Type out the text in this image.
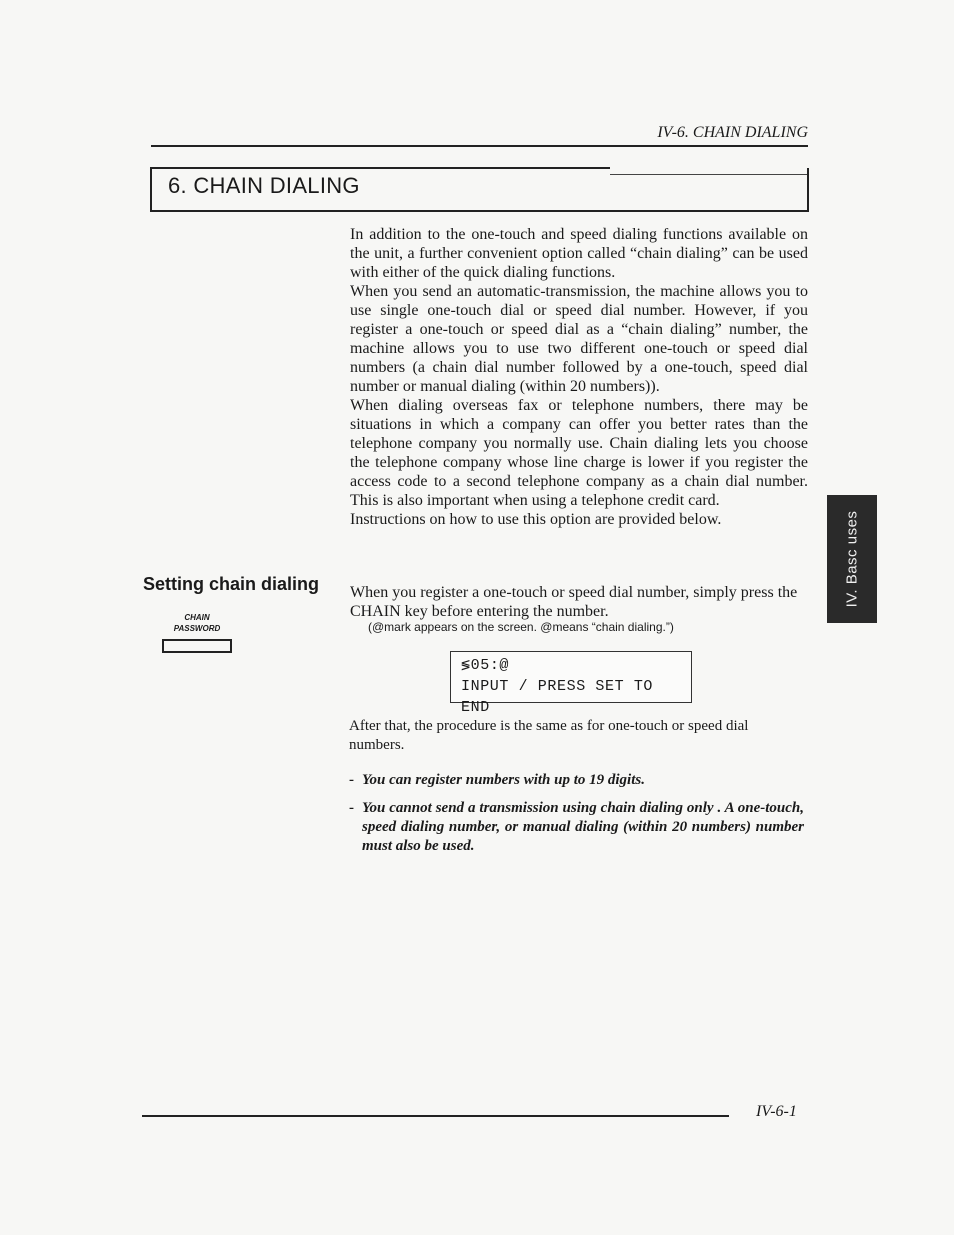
IV-6. CHAIN DIALING
6. CHAIN DIALING

In addition to the one-touch and speed dialing functions available on the unit, a further convenient option called “chain dialing” can be used with either of the quick dialing functions.

When you send an automatic-transmission, the machine allows you to use single one-touch dial or speed dial number. However, if you register a one-touch or speed dial as a “chain dialing” number, the machine allows you to use two different one-touch or speed dial numbers (a chain dial number followed by a one-touch, speed dial number or manual dialing (within 20 numbers)).

When dialing overseas fax or telephone numbers, there may be situations in which a company can offer you better rates than the telephone company you normally use. Chain dialing lets you choose the telephone company whose line charge is lower if you register the access code to a second telephone company as a chain dial number. This is also important when using a telephone credit card.

Instructions on how to use this option are provided below.

Setting chain dialing
CHAIN
PASSWORD

When you register a one-touch or speed dial number, simply press the CHAIN key before entering the number.

(@mark appears on the screen. @means “chain dialing.”)
≶05:@
INPUT / PRESS SET TO END
After that, the procedure is the same as for one-touch or speed dial numbers.
- You can register numbers with up to 19 digits.
- You cannot send a transmission using chain dialing only . A one-touch, speed dialing number, or manual dialing (within 20 numbers) number must also be used.
IV. Basc uses
IV-6-1
